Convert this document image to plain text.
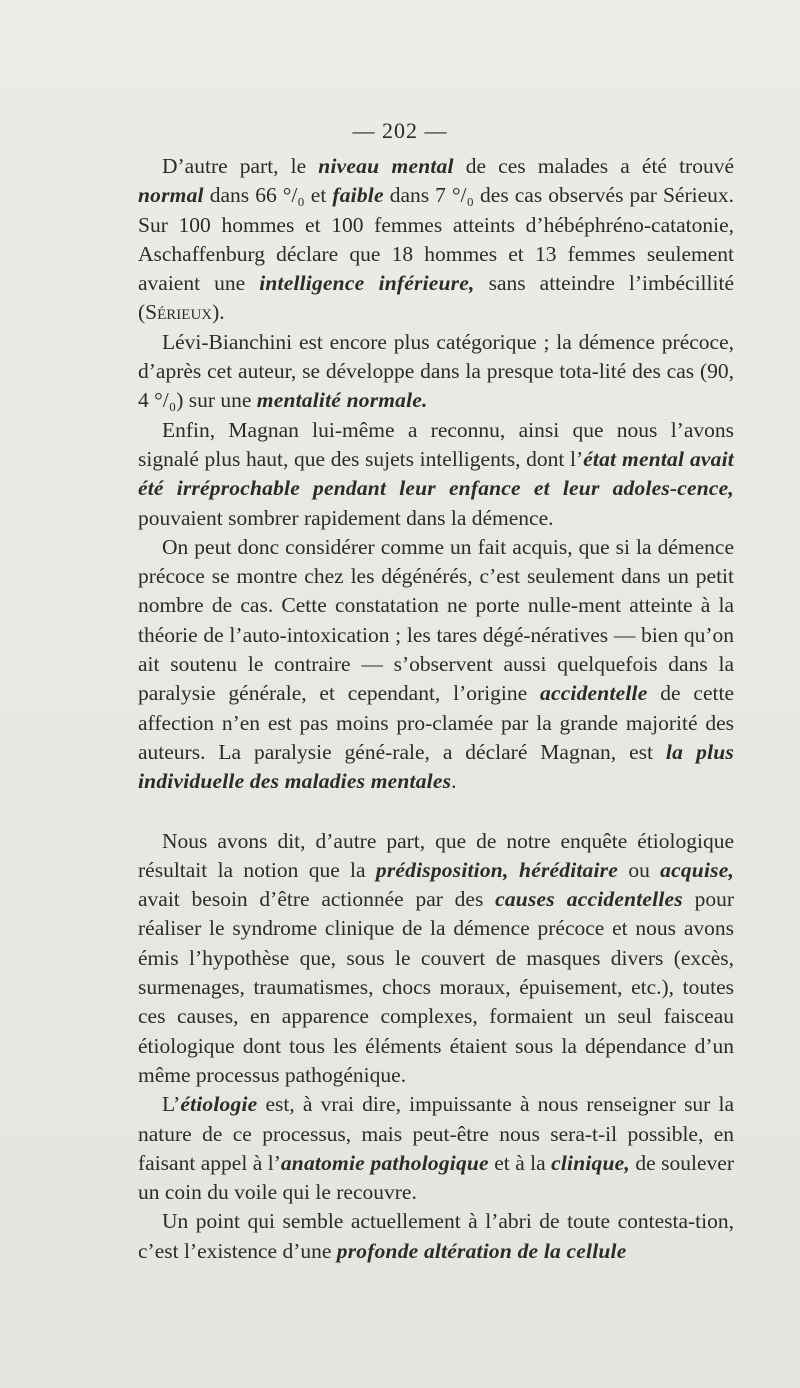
— 202 —

D’autre part, le niveau mental de ces malades a été trouvé normal dans 66 °/₀ et faible dans 7 °/₀ des cas observés par Sérieux. Sur 100 hommes et 100 femmes atteints d’hébéphréno-catatonie, Aschaffenburg déclare que 18 hommes et 13 femmes seulement avaient une intelligence inférieure, sans atteindre l’imbécillité (Sérieux).

Lévi-Bianchini est encore plus catégorique ; la démence précoce, d’après cet auteur, se développe dans la presque tota-lité des cas (90, 4 °/₀) sur une mentalité normale.

Enfin, Magnan lui-même a reconnu, ainsi que nous l’avons signalé plus haut, que des sujets intelligents, dont l’état mental avait été irréprochable pendant leur enfance et leur adoles-cence, pouvaient sombrer rapidement dans la démence.

On peut donc considérer comme un fait acquis, que si la démence précoce se montre chez les dégénérés, c’est seulement dans un petit nombre de cas. Cette constatation ne porte nulle-ment atteinte à la théorie de l’auto-intoxication ; les tares dégé-nératives — bien qu’on ait soutenu le contraire — s’observent aussi quelquefois dans la paralysie générale, et cependant, l’origine accidentelle de cette affection n’en est pas moins pro-clamée par la grande majorité des auteurs. La paralysie géné-rale, a déclaré Magnan, est la plus individuelle des maladies mentales.

Nous avons dit, d’autre part, que de notre enquête étiologique résultait la notion que la prédisposition, héréditaire ou acquise, avait besoin d’être actionnée par des causes accidentelles pour réaliser le syndrome clinique de la démence précoce et nous avons émis l’hypothèse que, sous le couvert de masques divers (excès, surmenages, traumatismes, chocs moraux, épuisement, etc.), toutes ces causes, en apparence complexes, formaient un seul faisceau étiologique dont tous les éléments étaient sous la dépendance d’un même processus pathogénique.

L’étiologie est, à vrai dire, impuissante à nous renseigner sur la nature de ce processus, mais peut-être nous sera-t-il possible, en faisant appel à l’anatomie pathologique et à la clinique, de soulever un coin du voile qui le recouvre.

Un point qui semble actuellement à l’abri de toute contesta-tion, c’est l’existence d’une profonde altération de la cellule
